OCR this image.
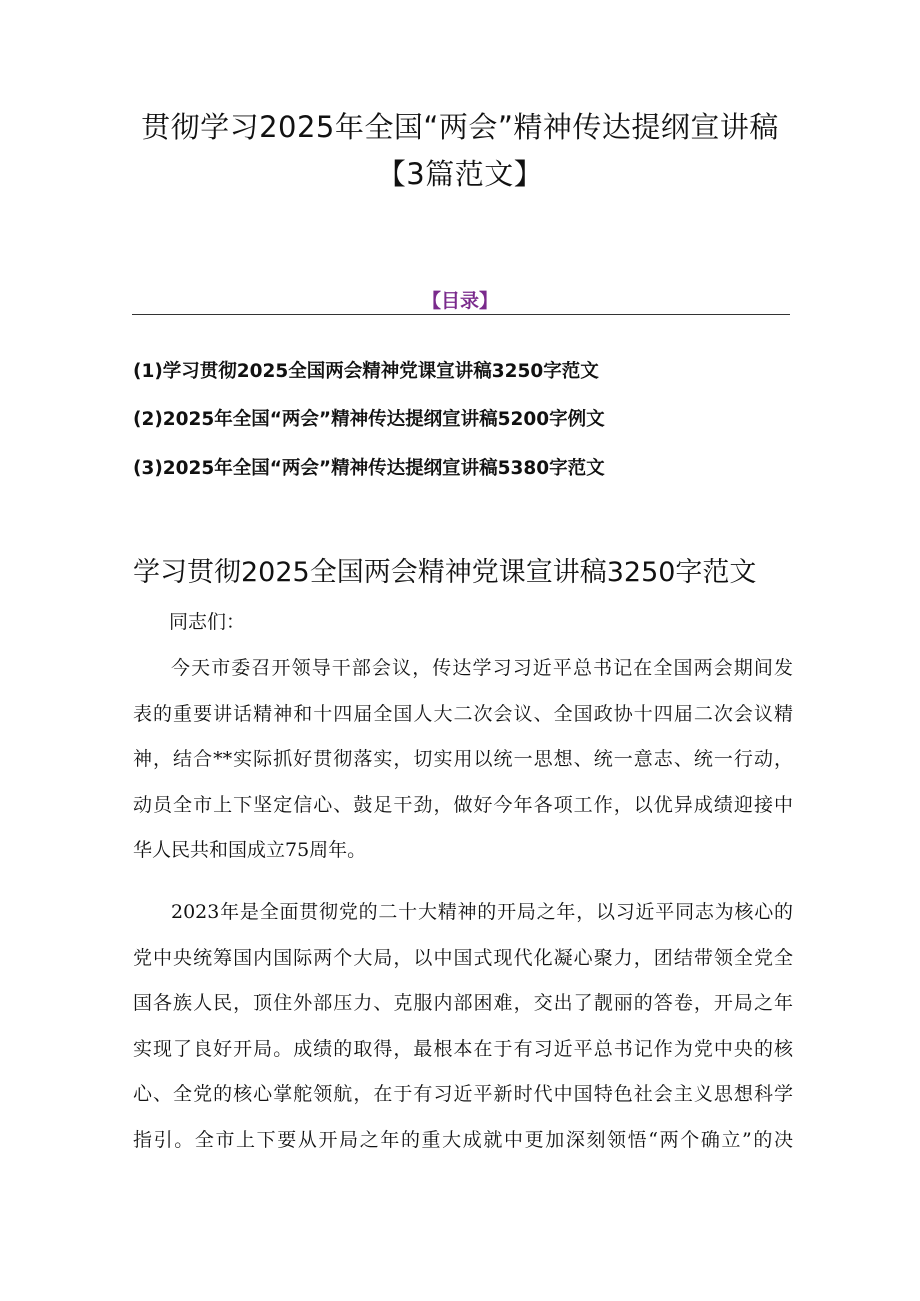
贯彻学习2025年全国“两会”精神传达提纲宣讲稿
【3篇范文】
【目录】
(1)学习贯彻2025全国两会精神党课宣讲稿3250字范文
(2)2025年全国“两会”精神传达提纲宣讲稿5200字例文
(3)2025年全国“两会”精神传达提纲宣讲稿5380字范文
学习贯彻2025全国两会精神党课宣讲稿3250字范文
同志们：
今天市委召开领导干部会议，传达学习习近平总书记在全国两会期间发
表的重要讲话精神和十四届全国人大二次会议、全国政协十四届二次会议精
神，结合**实际抓好贯彻落实，切实用以统一思想、统一意志、统一行动，
动员全市上下坚定信心、鼓足干劲，做好今年各项工作，以优异成绩迎接中
华人民共和国成立75周年。
2023年是全面贯彻党的二十大精神的开局之年，以习近平同志为核心的
党中央统筹国内国际两个大局，以中国式现代化凝心聚力，团结带领全党全
国各族人民，顶住外部压力、克服内部困难，交出了靓丽的答卷，开局之年
实现了良好开局。成绩的取得，最根本在于有习近平总书记作为党中央的核
心、全党的核心掌舵领航，在于有习近平新时代中国特色社会主义思想科学
指引。全市上下要从开局之年的重大成就中更加深刻领悟“两个确立”的决
